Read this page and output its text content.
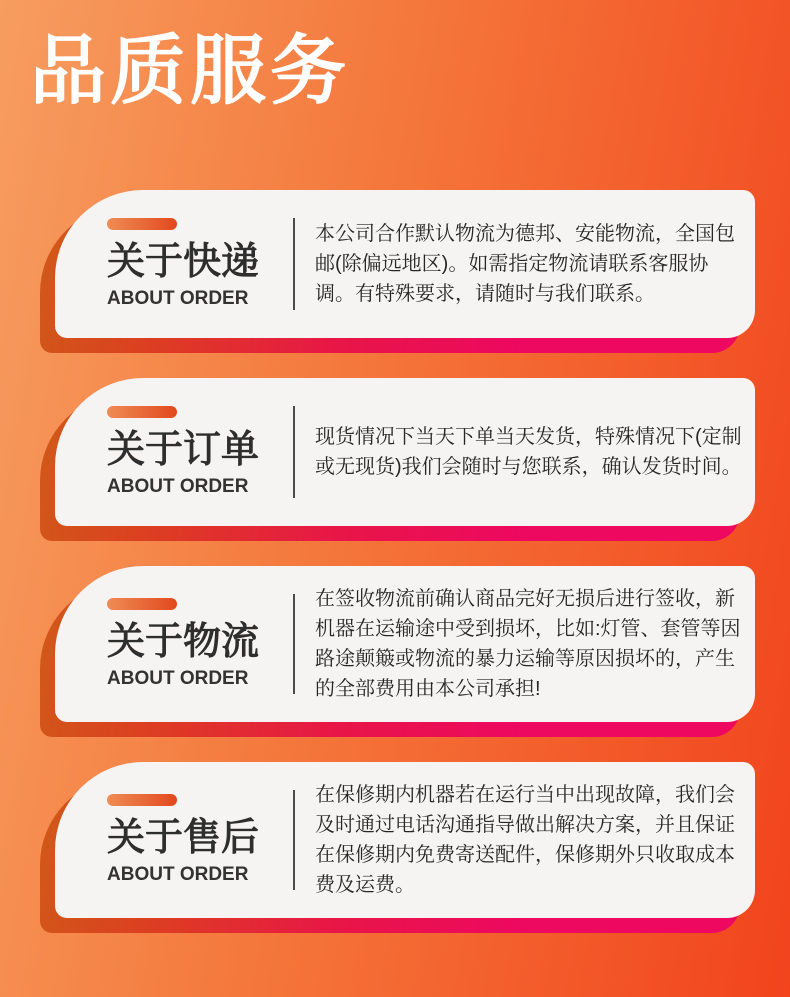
品质服务
关于快递
ABOUT ORDER

本公司合作默认物流为德邦、安能物流，全国包邮(除偏远地区)。如需指定物流请联系客服协调。有特殊要求，请随时与我们联系。

关于订单
ABOUT ORDER

现货情况下当天下单当天发货，特殊情况下(定制或无现货)我们会随时与您联系，确认发货时间。

关于物流
ABOUT ORDER

在签收物流前确认商品完好无损后进行签收，新机器在运输途中受到损坏，比如:灯管、套管等因路途颠簸或物流的暴力运输等原因损坏的，产生的全部费用由本公司承担!

关于售后
ABOUT ORDER

在保修期内机器若在运行当中出现故障，我们会及时通过电话沟通指导做出解决方案，并且保证在保修期内免费寄送配件，保修期外只收取成本费及运费。
